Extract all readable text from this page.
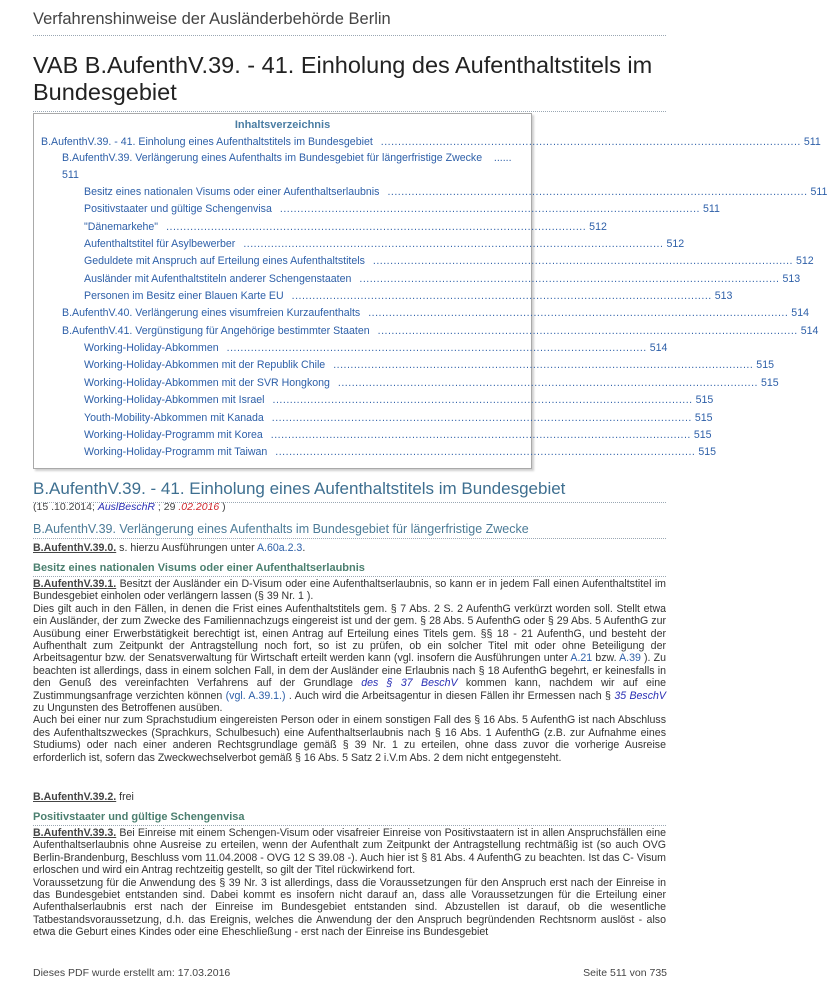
Verfahrenshinweise der Ausländerbehörde Berlin
VAB B.AufenthV.39. - 41. Einholung des Aufenthaltstitels im Bundesgebiet
Inhaltsverzeichnis
B.AufenthV.39. - 41. Einholung eines Aufenthaltstitels im Bundesgebiet .......................................................................................................................... 511
B.AufenthV.39. Verlängerung eines Aufenthalts im Bundesgebiet für längerfristige Zwecke    ......
511
Besitz eines nationalen Visums oder einer Aufenthaltserlaubnis .......................................................................................................................... 511
Positivstaater und gültige Schengenvisa .......................................................................................................................... 511
"Dänemarkehe" .......................................................................................................................... 512
Aufenthaltstitel für Asylbewerber .......................................................................................................................... 512
Geduldete mit Anspruch auf Erteilung eines Aufenthaltstitels .......................................................................................................................... 512
Ausländer mit Aufenthaltstiteln anderer Schengenstaaten .......................................................................................................................... 513
Personen im Besitz einer Blauen Karte EU .......................................................................................................................... 513
B.AufenthV.40. Verlängerung eines visumfreien Kurzaufenthalts .......................................................................................................................... 514
B.AufenthV.41. Vergünstigung für Angehörige bestimmter Staaten .......................................................................................................................... 514
Working-Holiday-Abkommen .......................................................................................................................... 514
Working-Holiday-Abkommen mit der Republik Chile .......................................................................................................................... 515
Working-Holiday-Abkommen mit der SVR Hongkong .......................................................................................................................... 515
Working-Holiday-Abkommen mit Israel .......................................................................................................................... 515
Youth-Mobility-Abkommen mit Kanada .......................................................................................................................... 515
Working-Holiday-Programm mit Korea .......................................................................................................................... 515
Working-Holiday-Programm mit Taiwan .......................................................................................................................... 515
B.AufenthV.39. - 41. Einholung eines Aufenthaltstitels im Bundesgebiet
(15 .10.2014; AuslBeschR ; 29 .02.2016 )
B.AufenthV.39. Verlängerung eines Aufenthalts im Bundesgebiet für längerfristige Zwecke
B.AufenthV.39.0. s. hierzu Ausführungen unter A.60a.2.3.
Besitz eines nationalen Visums oder einer Aufenthaltserlaubnis
B.AufenthV.39.1. Besitzt der Ausländer ein D-Visum oder eine Aufenthaltserlaubnis, so kann er in jedem Fall einen Aufenthaltstitel im Bundesgebiet einholen oder verlängern lassen (§ 39 Nr. 1 ).
Dies gilt auch in den Fällen, in denen die Frist eines Aufenthaltstitels gem. § 7 Abs. 2 S. 2 AufenthG verkürzt worden soll. Stellt etwa ein Ausländer, der zum Zwecke des Familiennachzugs eingereist ist und der gem. § 28 Abs. 5 AufenthG oder § 29 Abs. 5 AufenthG zur Ausübung einer Erwerbstätigkeit berechtigt ist, einen Antrag auf Erteilung eines Titels gem. §§ 18 - 21 AufenthG, und besteht der Aufhenthalt zum Zeitpunkt der Antragstellung noch fort, so ist zu prüfen, ob ein solcher Titel mit oder ohne Beteiligung der Arbeitsagentur bzw. der Senatsverwaltung für Wirtschaft erteilt werden kann (vgl. insofern die Ausführungen unter A.21 bzw. A.39 ). Zu beachten ist allerdings, dass in einem solchen Fall, in dem der Ausländer eine Erlaubnis nach § 18 AufenthG begehrt, er keinesfalls in den Genuß des vereinfachten Verfahrens auf der Grundlage des § 37 BeschV kommen kann, nachdem wir auf eine Zustimmungsanfrage verzichten können (vgl. A.39.1.) . Auch wird die Arbeitsagentur in diesen Fällen ihr Ermessen nach § 35 BeschV zu Ungunsten des Betroffenen ausüben.
Auch bei einer nur zum Sprachstudium eingereisten Person oder in einem sonstigen Fall des § 16 Abs. 5 AufenthG ist nach Abschluss des Aufenthaltszweckes (Sprachkurs, Schulbesuch) eine Aufenthaltserlaubnis nach § 16 Abs. 1 AufenthG (z.B. zur Aufnahme eines Studiums) oder nach einer anderen Rechtsgrundlage gemäß § 39 Nr. 1 zu erteilen, ohne dass zuvor die vorherige Ausreise erforderlich ist, sofern das Zweckwechselverbot gemäß § 16 Abs. 5 Satz 2 i.V.m Abs. 2 dem nicht entgegensteht.
B.AufenthV.39.2. frei
Positivstaater und gültige Schengenvisa
B.AufenthV.39.3. Bei Einreise mit einem Schengen-Visum oder visafreier Einreise von Positivstaatern ist in allen Anspruchsfällen eine Aufenthaltserlaubnis ohne Ausreise zu erteilen, wenn der Aufenthalt zum Zeitpunkt der Antragstellung rechtmäßig ist (so auch OVG Berlin-Brandenburg, Beschluss vom 11.04.2008 - OVG 12 S 39.08 -). Auch hier ist § 81 Abs. 4 AufenthG zu beachten. Ist das C- Visum erloschen und wird ein Antrag rechtzeitig gestellt, so gilt der Titel rückwirkend fort.
Voraussetzung für die Anwendung des § 39 Nr. 3 ist allerdings, dass die Voraussetzungen für den Anspruch erst nach der Einreise in das Bundesgebiet entstanden sind. Dabei kommt es insofern nicht darauf an, dass alle Voraussetzungen für die Erteilung einer Aufenthalserlaubnis erst nach der Einreise im Bundesgebiet entstanden sind. Abzustellen ist darauf, ob die wesentliche Tatbestandsvoraussetzung, d.h. das Ereignis, welches die Anwendung der den Anspruch begründenden Rechtsnorm auslöst - also etwa die Geburt eines Kindes oder eine Eheschließung - erst nach der Einreise ins Bundesgebiet
Dieses PDF wurde erstellt am: 17.03.2016	Seite 511 von 735
